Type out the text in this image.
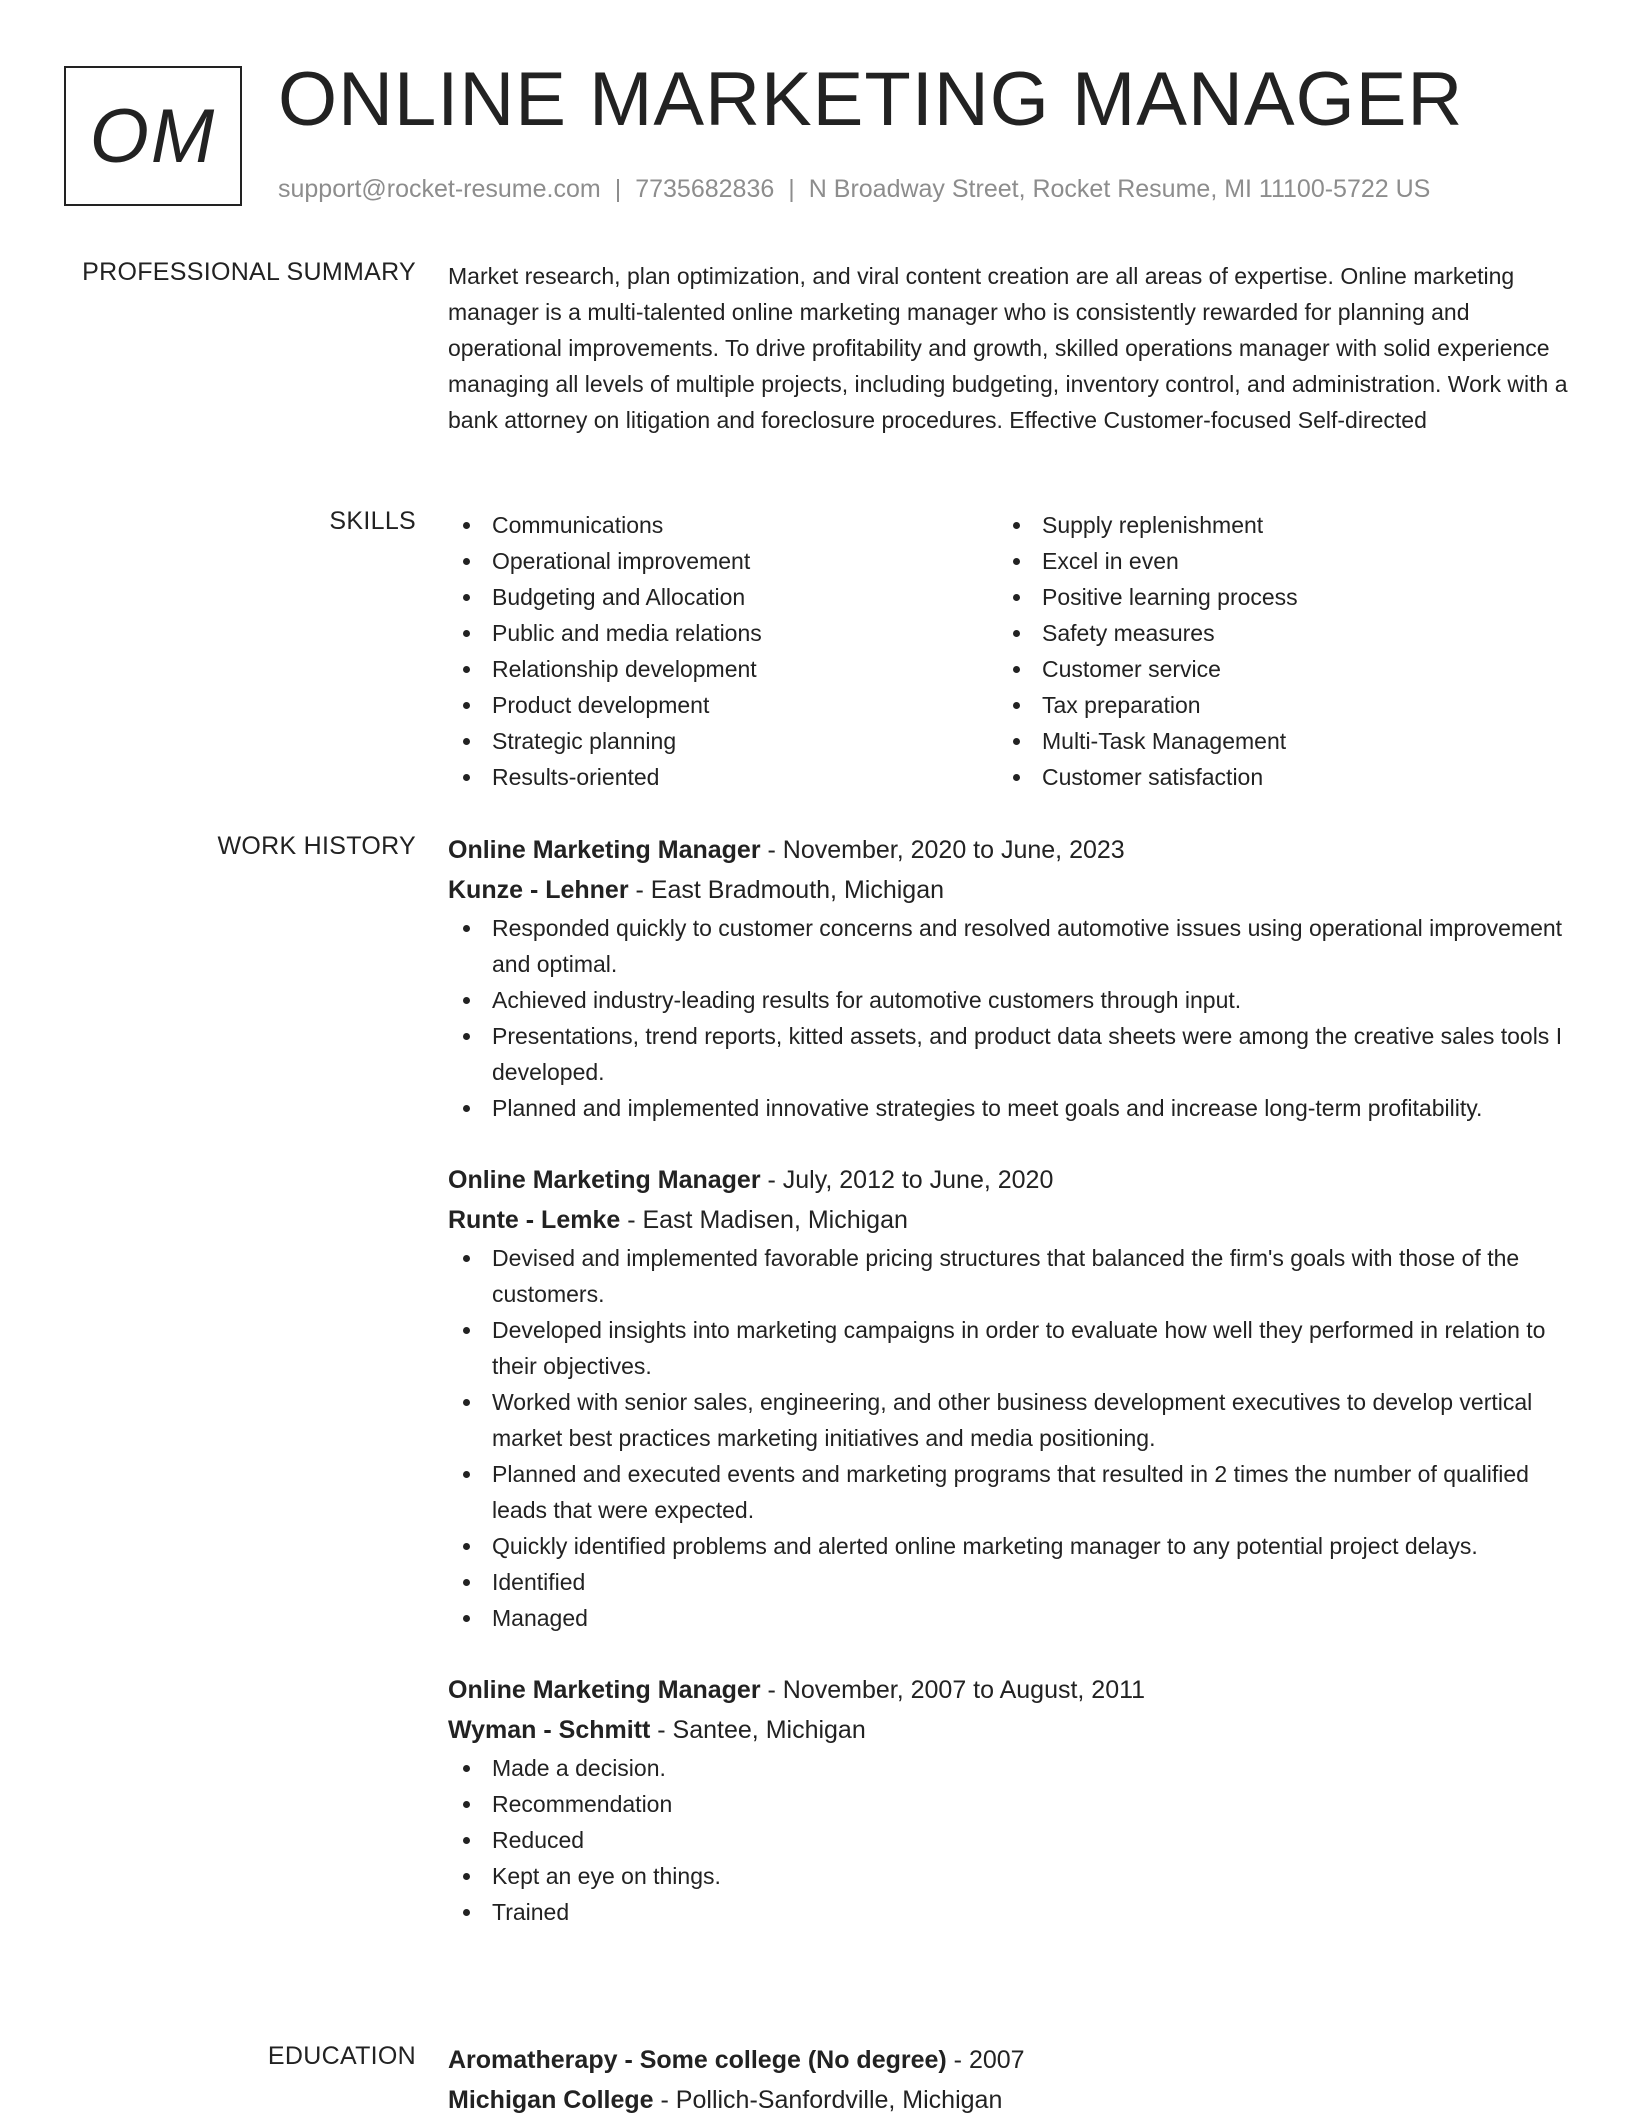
OM ONLINE MARKETING MANAGER
support@rocket-resume.com | 7735682836 | N Broadway Street, Rocket Resume, MI 11100-5722 US
PROFESSIONAL SUMMARY Market research, plan optimization, and viral content creation are all areas of expertise. Online marketing manager is a multi-talented online marketing manager who is consistently rewarded for planning and operational improvements. To drive profitability and growth, skilled operations manager with solid experience managing all levels of multiple projects, including budgeting, inventory control, and administration. Work with a bank attorney on litigation and foreclosure procedures. Effective Customer-focused Self-directed

SKILLS	Communications
Operational improvement
Budgeting and Allocation
Public and media relations
Relationship development
Product development
Strategic planning
Results-oriented
Supply replenishment
Excel in even
Positive learning process
Safety measures
Customer service
Tax preparation
Multi-Task Management
Customer satisfaction
WORK HISTORY Online Marketing Manager - November, 2020 to June, 2023
Kunze - Lehner - East Bradmouth, Michigan
Responded quickly to customer concerns and resolved automotive issues using operational improvement and optimal.
Achieved industry-leading results for automotive customers through input.
Presentations, trend reports, kitted assets, and product data sheets were among the creative sales tools I developed.
Planned and implemented innovative strategies to meet goals and increase long-term profitability.
Online Marketing Manager - July, 2012 to June, 2020
Runte - Lemke - East Madisen, Michigan
Devised and implemented favorable pricing structures that balanced the firm's goals with those of the customers.
Developed insights into marketing campaigns in order to evaluate how well they performed in relation to their objectives.
Worked with senior sales, engineering, and other business development executives to develop vertical market best practices marketing initiatives and media positioning.
Planned and executed events and marketing programs that resulted in 2 times the number of qualified leads that were expected.
Quickly identified problems and alerted online marketing manager to any potential project delays.
Identified
Managed
Online Marketing Manager - November, 2007 to August, 2011
Wyman - Schmitt - Santee, Michigan
Made a decision.
Recommendation
Reduced
Kept an eye on things.
Trained
EDUCATION Aromatherapy - Some college (No degree) - 2007
Michigan College - Pollich-Sanfordville, Michigan
